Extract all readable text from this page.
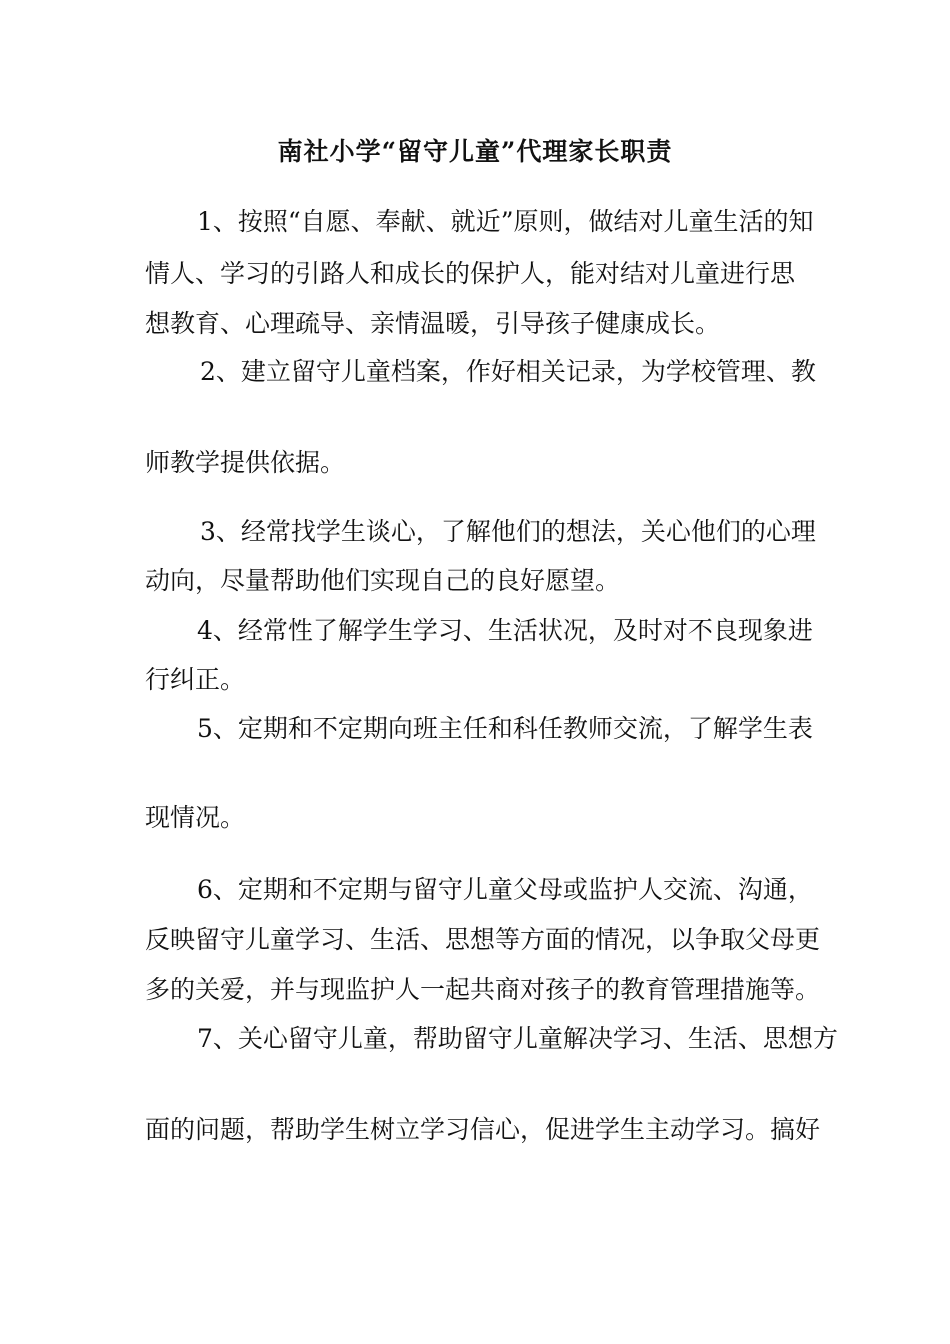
南社小学“留守儿童”代理家长职责
1、按照“自愿、奉献、就近”原则，做结对儿童生活的知
情人、学习的引路人和成长的保护人，能对结对儿童进行思
想教育、心理疏导、亲情温暖，引导孩子健康成长。
2、建立留守儿童档案，作好相关记录，为学校管理、教
师教学提供依据。
3、经常找学生谈心，了解他们的想法，关心他们的心理
动向，尽量帮助他们实现自己的良好愿望。
4、经常性了解学生学习、生活状况，及时对不良现象进
行纠正。
5、定期和不定期向班主任和科任教师交流，了解学生表
现情况。
6、定期和不定期与留守儿童父母或监护人交流、沟通，
反映留守儿童学习、生活、思想等方面的情况，以争取父母更
多的关爱，并与现监护人一起共商对孩子的教育管理措施等。
7、关心留守儿童，帮助留守儿童解决学习、生活、思想方
面的问题，帮助学生树立学习信心，促进学生主动学习。搞好
